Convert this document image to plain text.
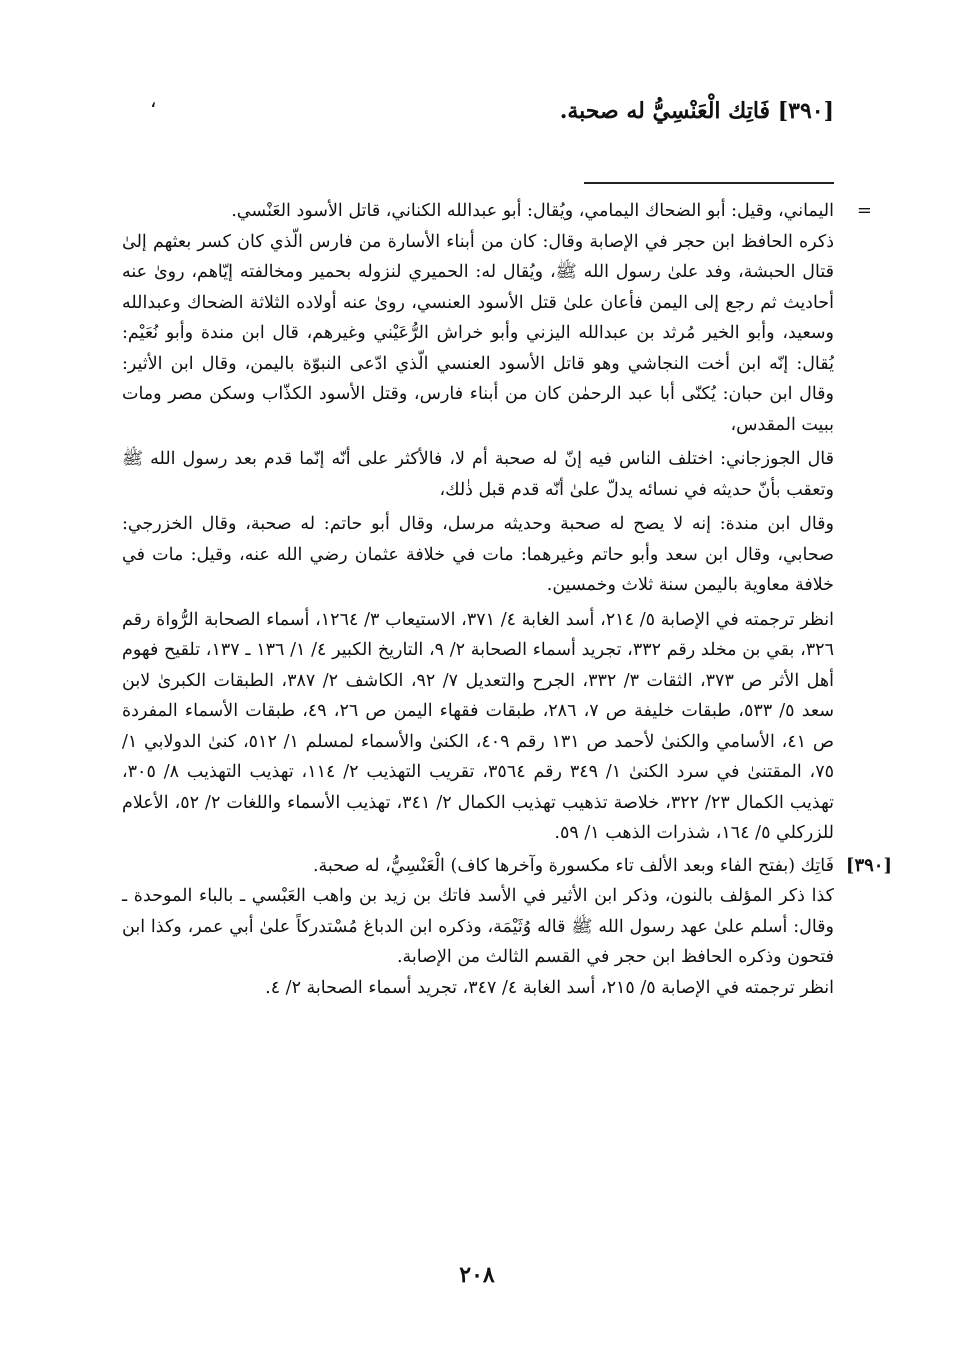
[٣٩٠] فَاتِك الْعَنْسِيُّ له صحبة.
،
=

اليماني، وقيل: أبو الضحاك اليمامي، ويُقال: أبو عبدالله الكناني، قاتل الأسود العَنْسي.

ذكره الحافظ ابن حجر في الإصابة وقال: كان من أبناء الأسارة من فارس الّذي كان كسر بعثهم إلىٰ قتال الحبشة، وفد علىٰ رسول الله ﷺ، ويُقال له: الحميري لنزوله بحمير ومخالفته إيّاهم، روىٰ عنه أحاديث ثم رجع إلى اليمن فأعان علىٰ قتل الأسود العنسي، روىٰ عنه أولاده الثلاثة الضحاك وعبدالله وسعيد، وأبو الخير مُرثد بن عبدالله اليزني وأبو خراش الرُّعَيْني وغيرهم، قال ابن مندة وأبو نُعَيْم: يُقال: إنّه ابن أخت النجاشي وهو قاتل الأسود العنسي الّذي ادّعى النبوّة باليمن، وقال ابن الأثير: وقال ابن حبان: يُكنّى أبا عبد الرحمٰن كان من أبناء فارس، وقتل الأسود الكذّاب وسكن مصر ومات ببيت المقدس،

قال الجوزجاني: اختلف الناس فيه إنّ له صحبة أم لا، فالأكثر على أنّه إنّما قدم بعد رسول الله ﷺ وتعقب بأنّ حديثه في نسائه يدلّ علىٰ أنّه قدم قبل ذٰلك،

وقال ابن مندة: إنه لا يصح له صحبة وحديثه مرسل، وقال أبو حاتم: له صحبة، وقال الخزرجي: صحابي، وقال ابن سعد وأبو حاتم وغيرهما: مات في خلافة عثمان رضي الله عنه، وقيل: مات في خلافة معاوية باليمن سنة ثلاث وخمسين.

انظر ترجمته في الإصابة ٥/ ٢١٤، أسد الغابة ٤/ ٣٧١، الاستيعاب ٣/ ١٢٦٤، أسماء الصحابة الرُّواة رقم ٣٢٦، بقي بن مخلد رقم ٣٣٢، تجريد أسماء الصحابة ٢/ ٩، التاريخ الكبير ٤/ ١/ ١٣٦ ـ ١٣٧، تلقيح فهوم أهل الأثر ص ٣٧٣، الثقات ٣/ ٣٣٢، الجرح والتعديل ٧/ ٩٢، الكاشف ٢/ ٣٨٧، الطبقات الكبرىٰ لابن سعد ٥/ ٥٣٣، طبقات خليفة ص ٧، ٢٨٦، طبقات فقهاء اليمن ص ٢٦، ٤٩، طبقات الأسماء المفردة ص ٤١، الأسامي والكنىٰ لأحمد ص ١٣١ رقم ٤٠٩، الكنىٰ والأسماء لمسلم ١/ ٥١٢، كنىٰ الدولابي ١/ ٧٥، المقتنىٰ في سرد الكنىٰ ١/ ٣٤٩ رقم ٣٥٦٤، تقريب التهذيب ٢/ ١١٤، تهذيب التهذيب ٨/ ٣٠٥، تهذيب الكمال ٢٣/ ٣٢٢، خلاصة تذهيب تهذيب الكمال ٢/ ٣٤١، تهذيب الأسماء واللغات ٢/ ٥٢، الأعلام للزركلي ٥/ ١٦٤، شذرات الذهب ١/ ٥٩.

[٣٩٠]

فَاتِك (بفتح الفاء وبعد الألف تاء مكسورة وآخرها كاف) الْعَنْسِيُّ، له صحبة.

كذا ذكر المؤلف بالنون، وذكر ابن الأثير في الأسد فاتك بن زيد بن واهب العَبْسي ـ بالباء الموحدة ـ وقال: أسلم علىٰ عهد رسول الله ﷺ قاله وُثَيْمَة، وذكره ابن الدباغ مُسْتدركاً علىٰ أبي عمر، وكذا ابن فتحون وذكره الحافظ ابن حجر في القسم الثالث من الإصابة.

انظر ترجمته في الإصابة ٥/ ٢١٥، أسد الغابة ٤/ ٣٤٧، تجريد أسماء الصحابة ٢/ ٤.

٢٠٨
